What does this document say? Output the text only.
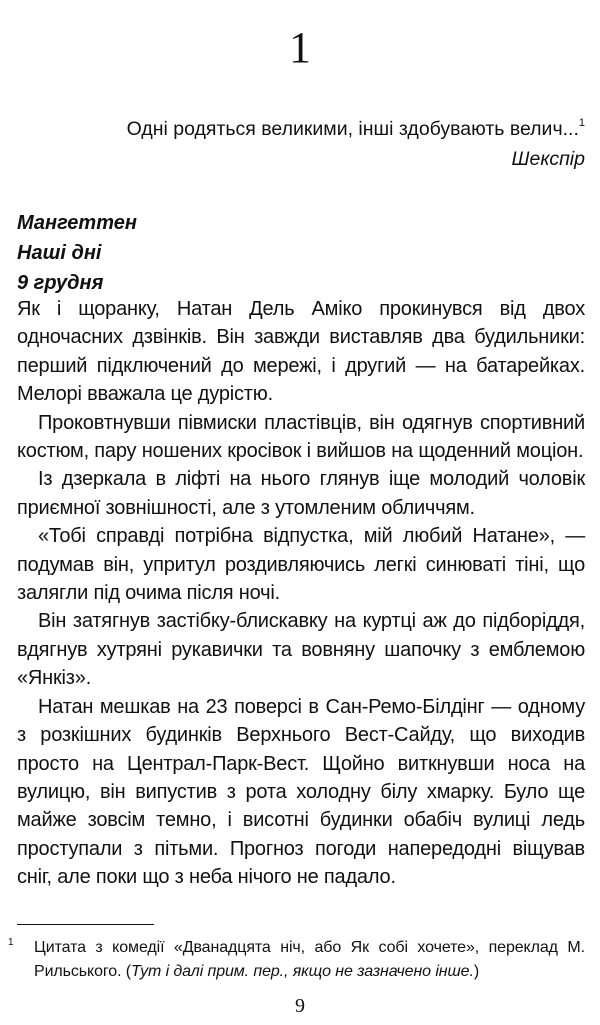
1
Одні родяться великими, інші здобувають велич...$^1$
Шекспір
Мангеттен
Наші дні
9 грудня

Як і щоранку, Натан Дель Аміко прокинувся від двох одночасних дзвінків. Він завжди виставляв два будильники: перший підключений до мережі, і другий — на батарейках. Мелорі вважала це дурістю.

Проковтнувши півмиски пластівців, він одягнув спортивний костюм, пару ношених кросівок і вийшов на щоденний моціон.

Із дзеркала в ліфті на нього глянув іще молодий чоловік приємної зовнішності, але з утомленим обличчям.

«Тобі справді потрібна відпустка, мій любий Натане», — подумав він, упритул роздивляючись легкі синюваті тіні, що залягли під очима після ночі.

Він затягнув застібку-блискавку на куртці аж до підборіддя, вдягнув хутряні рукавички та вовняну шапочку з емблемою «Янкіз».

Натан мешкав на 23 поверсі в Сан-Ремо-Білдінг — одному з розкішних будинків Верхнього Вест-Сайду, що виходив просто на Централ-Парк-Вест. Щойно виткнувши носа на вулицю, він випустив з рота холодну білу хмарку. Було ще майже зовсім темно, і висотні будинки обабіч вулиці ледь проступали з пітьми. Прогноз погоди напередодні віщував сніг, але поки що з неба нічого не падало.

1	Цитата з комедії «Дванадцята ніч, або Як собі хочете», переклад М. Рильського. (Тут і далі прим. пер., якщо не зазначено інше.)
9
